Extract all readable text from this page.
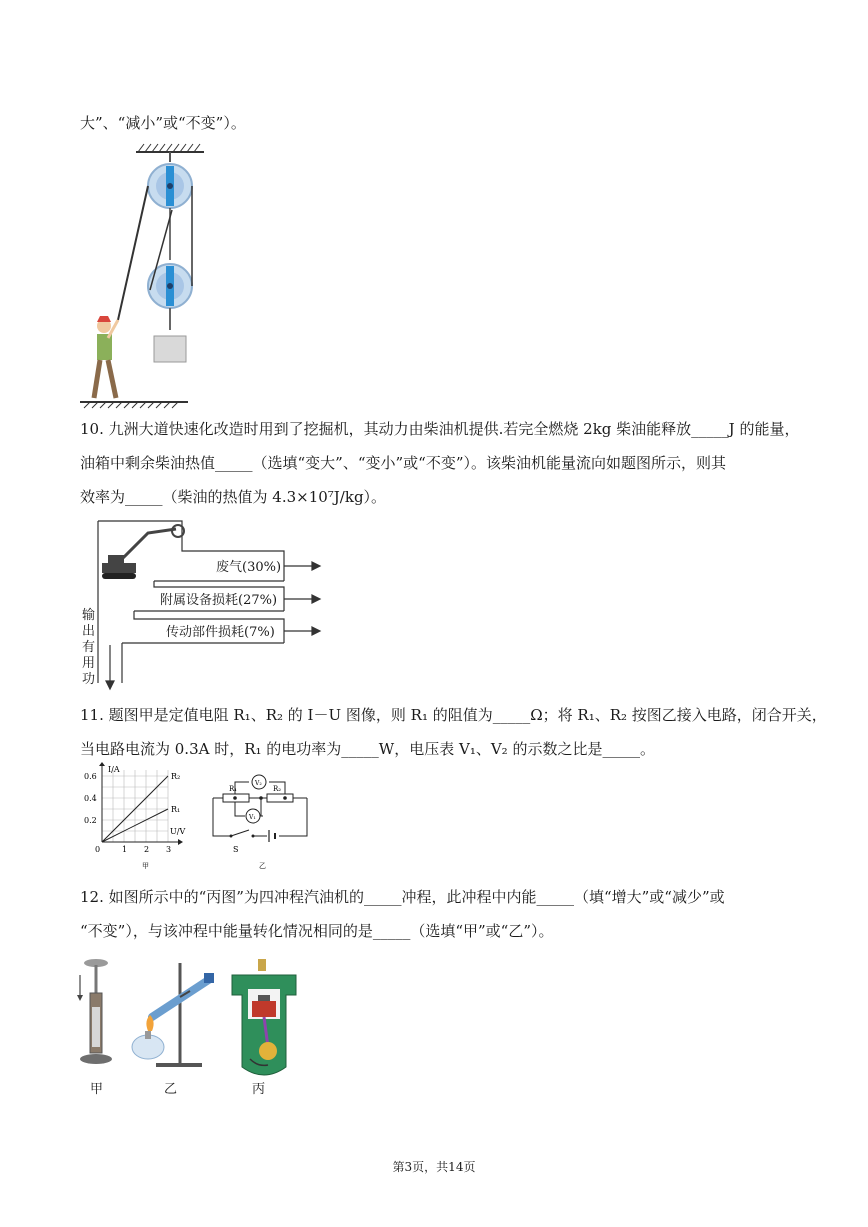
大”、“减小”或“不变”）。
10. 九洲大道快速化改造时用到了挖掘机，其动力由柴油机提供.若完全燃烧 2kg 柴油能释放_____J 的能量，
油箱中剩余柴油热值_____（选填“变大”、“变小”或“不变”）。该柴油机能量流向如题图所示，则其
效率为_____（柴油的热值为 4.3×10⁷J/kg）。
废气(30%)
附属设备损耗(27%)
传动部件损耗(7%)
输
出
有
用
功
11. 题图甲是定值电阻 R₁、R₂ 的 I－U 图像，则 R₁ 的阻值为_____Ω；将 R₁、R₂ 按图乙接入电路，闭合开关，
当电路电流为 0.3A 时，R₁ 的电功率为_____W，电压表 V₁、V₂ 的示数之比是_____。
I/A
U/V
0.6
0.4
0.2
0	1 2 3
R₂
R₁
甲
R₁	R₂
V₂
V₁
S
乙
12. 如图所示中的“丙图”为四冲程汽油机的_____冲程，此冲程中内能_____（填“增大”或“减少”或
“不变”），与该冲程中能量转化情况相同的是_____（选填“甲”或“乙”）。
甲	乙	丙
第3页，共14页
